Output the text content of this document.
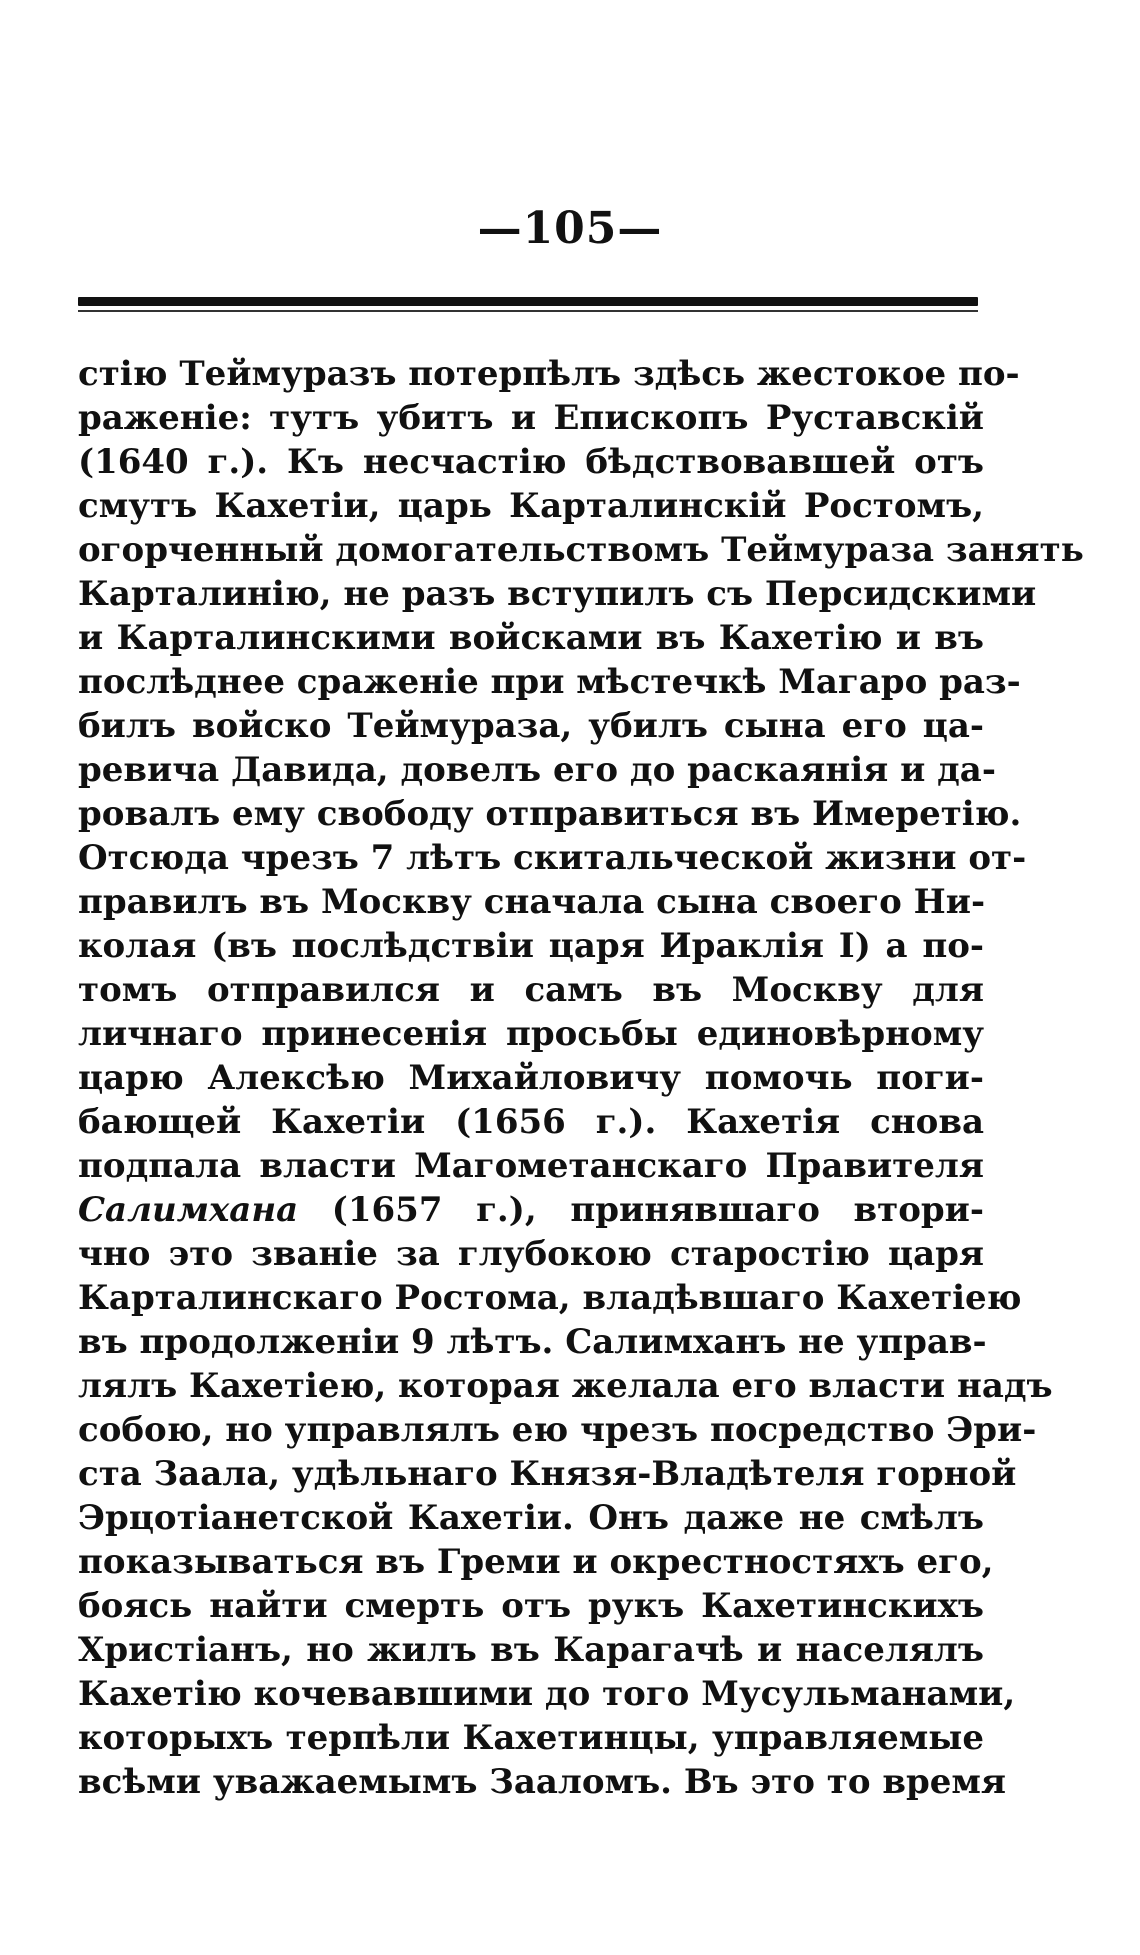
—105—
стію Теймуразъ потерпѣлъ здѣсь жестокое по-
раженіе: тутъ убитъ и Епископъ Руставскій
(1640 г.). Къ несчастію бѣдствовавшей отъ
смутъ Кахетіи, царь Карталинскій Ростомъ,
огорченный домогательствомъ Теймураза занять
Карталинію, не разъ вступилъ съ Персидскими
и Карталинскими войсками въ Кахетію и въ
послѣднее сраженіе при мѣстечкѣ Магаро раз-
билъ войско Теймураза, убилъ сына его ца-
ревича Давида, довелъ его до раскаянія и да-
ровалъ ему свободу отправиться въ Имеретію.
Отсюда чрезъ 7 лѣтъ скитальческой жизни от-
правилъ въ Москву сначала сына своего Ни-
колая (въ послѣдствіи царя Ираклія I) а по-
томъ отправился и самъ въ Москву для
личнаго принесенія просьбы единовѣрному
царю Алексѣю Михайловичу помочь поги-
бающей Кахетіи (1656 г.). Кахетія снова
подпала власти Магометанскаго Правителя
Салимхана (1657 г.), принявшаго втори-
чно это званіе за глубокою старостію царя
Карталинскаго Ростома, владѣвшаго Кахетіею
въ продолженіи 9 лѣтъ. Салимханъ не управ-
лялъ Кахетіею, которая желала его власти надъ
собою, но управлялъ ею чрезъ посредство Эри-
ста Заала, удѣльнаго Князя-Владѣтеля горной
Эрцотіанетской Кахетіи. Онъ даже не смѣлъ
показываться въ Греми и окрестностяхъ его,
боясь найти смерть отъ рукъ Кахетинскихъ
Христіанъ, но жилъ въ Карагачѣ и населялъ
Кахетію кочевавшими до того Мусульманами,
которыхъ терпѣли Кахетинцы, управляемые
всѣми уважаемымъ Зааломъ. Въ это то время
